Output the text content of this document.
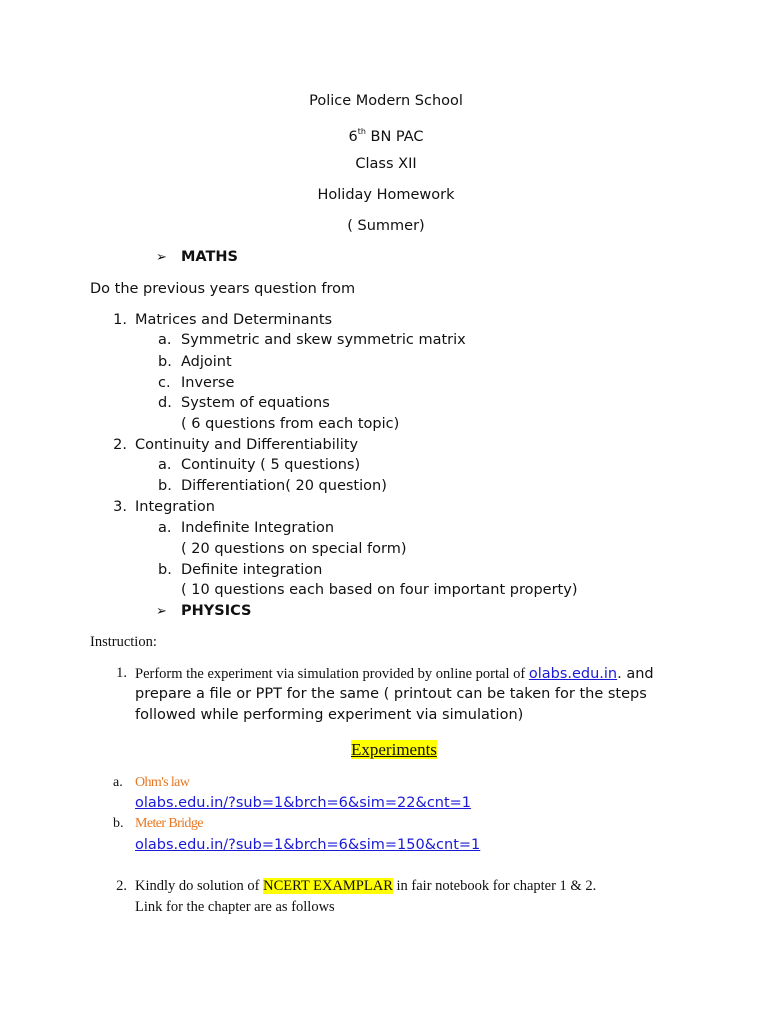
Police Modern School
6th BN PAC
Class XII
Holiday Homework
( Summer)
➢ MATHS
Do the previous years question from
1. Matrices and Determinants
a. Symmetric and skew symmetric matrix
b. Adjoint
c. Inverse
d. System of equations
( 6 questions from each topic)
2. Continuity and Differentiability
a. Continuity ( 5 questions)
b. Differentiation( 20 question)
3. Integration
a. Indefinite Integration
( 20 questions on special form)
b. Definite integration
( 10 questions each based on four important property)
➢ PHYSICS
Instruction:
1. Perform the experiment via simulation provided by online portal of olabs.edu.in. and
prepare a file or PPT for the same ( printout can be taken for the steps
followed while performing experiment via simulation)
Experiments
a. Ohm's law
olabs.edu.in/?sub=1&brch=6&sim=22&cnt=1
b. Meter Bridge
olabs.edu.in/?sub=1&brch=6&sim=150&cnt=1
2. Kindly do solution of NCERT EXAMPLAR in fair notebook for chapter 1 & 2.
Link for the chapter are as follows
